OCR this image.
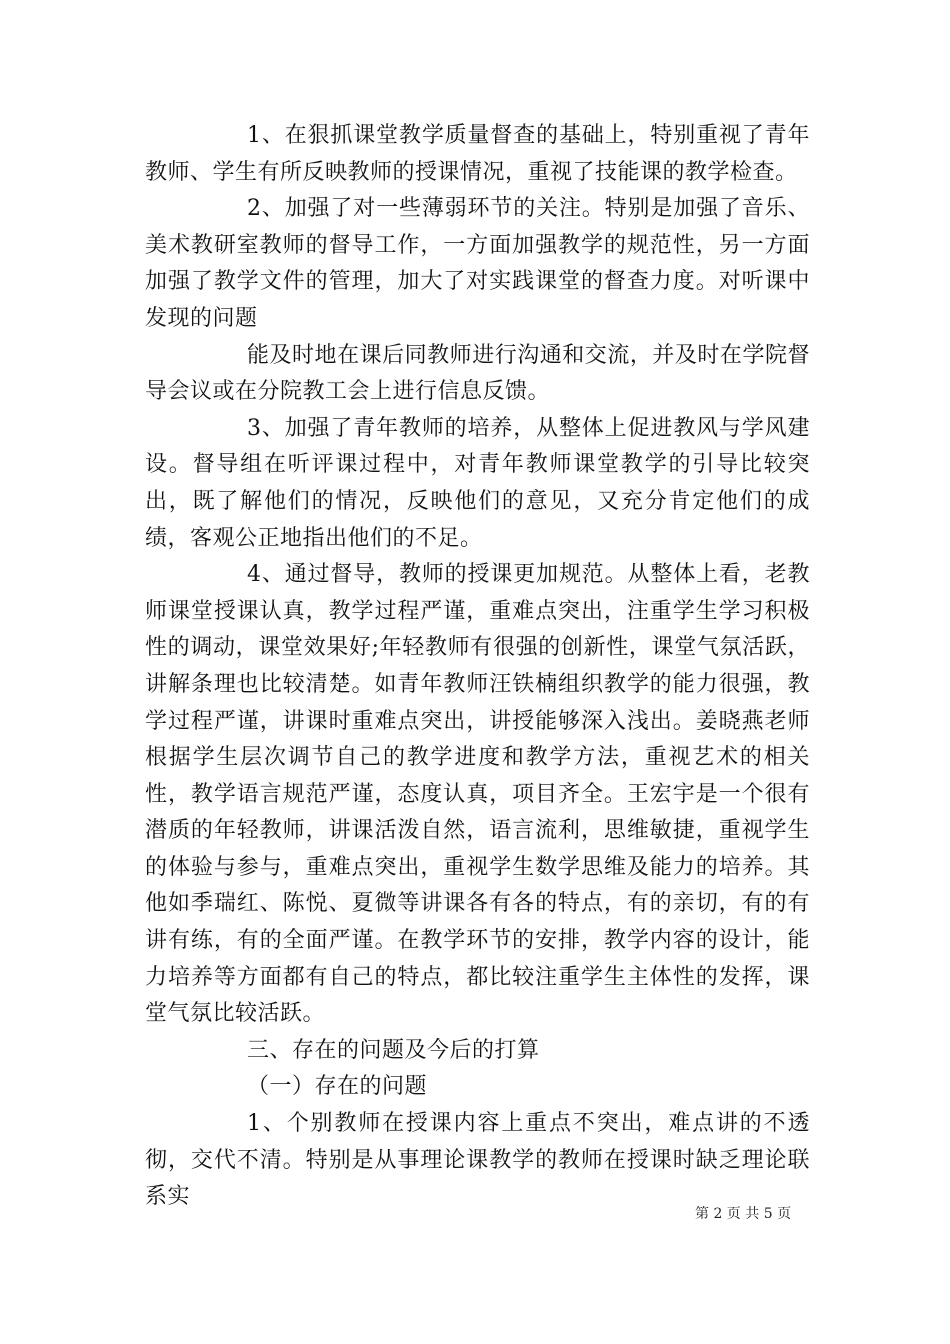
1、在狠抓课堂教学质量督查的基础上，特别重视了青年教师、学生有所反映教师的授课情况，重视了技能课的教学检查。

2、加强了对一些薄弱环节的关注。特别是加强了音乐、美术教研室教师的督导工作，一方面加强教学的规范性，另一方面加强了教学文件的管理，加大了对实践课堂的督查力度。对听课中发现的问题

能及时地在课后同教师进行沟通和交流，并及时在学院督导会议或在分院教工会上进行信息反馈。

3、加强了青年教师的培养，从整体上促进教风与学风建设。督导组在听评课过程中，对青年教师课堂教学的引导比较突出，既了解他们的情况，反映他们的意见，又充分肯定他们的成绩，客观公正地指出他们的不足。

4、通过督导，教师的授课更加规范。从整体上看，老教师课堂授课认真，教学过程严谨，重难点突出，注重学生学习积极性的调动，课堂效果好;年轻教师有很强的创新性，课堂气氛活跃，讲解条理也比较清楚。如青年教师汪铁楠组织教学的能力很强，教学过程严谨，讲课时重难点突出，讲授能够深入浅出。姜晓燕老师根据学生层次调节自己的教学进度和教学方法，重视艺术的相关性，教学语言规范严谨，态度认真，项目齐全。王宏宇是一个很有潜质的年轻教师，讲课活泼自然，语言流利，思维敏捷，重视学生的体验与参与，重难点突出，重视学生数学思维及能力的培养。其他如季瑞红、陈悦、夏微等讲课各有各的特点，有的亲切，有的有讲有练，有的全面严谨。在教学环节的安排，教学内容的设计，能力培养等方面都有自己的特点，都比较注重学生主体性的发挥，课堂气氛比较活跃。

三、存在的问题及今后的打算

（一）存在的问题

1、个别教师在授课内容上重点不突出，难点讲的不透彻，交代不清。特别是从事理论课教学的教师在授课时缺乏理论联系实

第 2 页 共 5 页
